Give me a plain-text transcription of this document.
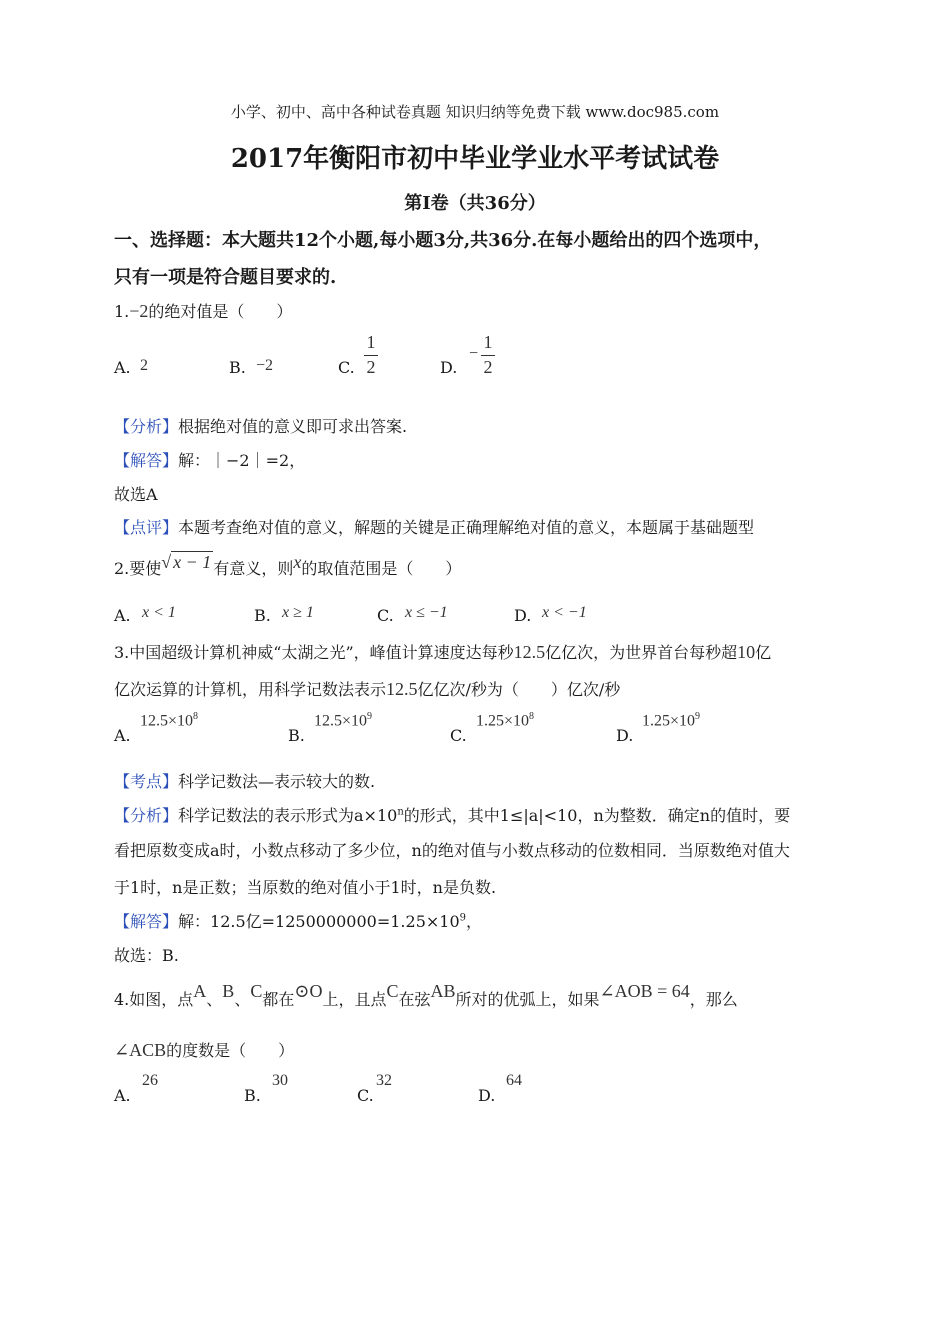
小学、初中、高中各种试卷真题 知识归纳等免费下载 www.doc985.com
2017年衡阳市初中毕业学业水平考试试卷
第Ⅰ卷（共36分）
一、选择题：本大题共12个小题,每小题3分,共36分.在每小题给出的四个选项中，
只有一项是符合题目要求的.
1.−2的绝对值是（　　）
A. 2	B. −2	C.
1
2	D.
−
1
2
【分析】根据绝对值的意义即可求出答案.
【解答】解：｜−2｜=2，
故选A
【点评】本题考查绝对值的意义，解题的关键是正确理解绝对值的意义，本题属于基础题型
2.要使√ x − 1 有意义，则x的取值范围是（　　）
A. x < 1	B. x ≥ 1	C. x ≤ −1	D. x < −1
3.中国超级计算机神威“太湖之光”，峰值计算速度达每秒12.5亿亿次，为世界首台每秒超10亿
亿次运算的计算机，用科学记数法表示12.5亿亿次/秒为（　　）亿次/秒
A.
$12.5\times 10^8$
B.
$12.5\times 10^9$
C.
$1.25\times 10^8$
D.
$1.25\times 10^9$
【考点】科学记数法—表示较大的数.
【分析】科学记数法的表示形式为$a\times 10^n$的形式，其中1≤|a|<10，n为整数．确定n的值时，要
看把原数变成a时，小数点移动了多少位，n的绝对值与小数点移动的位数相同．当原数绝对值大
于1时，n是正数；当原数的绝对值小于1时，n是负数.
【解答】解：12.5亿$=1250000000=1.25\times 10^9$，
故选：B.
4.如图，点A、B、C都在⊙O上，且点C在弦AB所对的优弧上，如果∠AOB = 64，那么
∠ACB的度数是（　　）
A.
26
B.
30
C.
32
D.
64
